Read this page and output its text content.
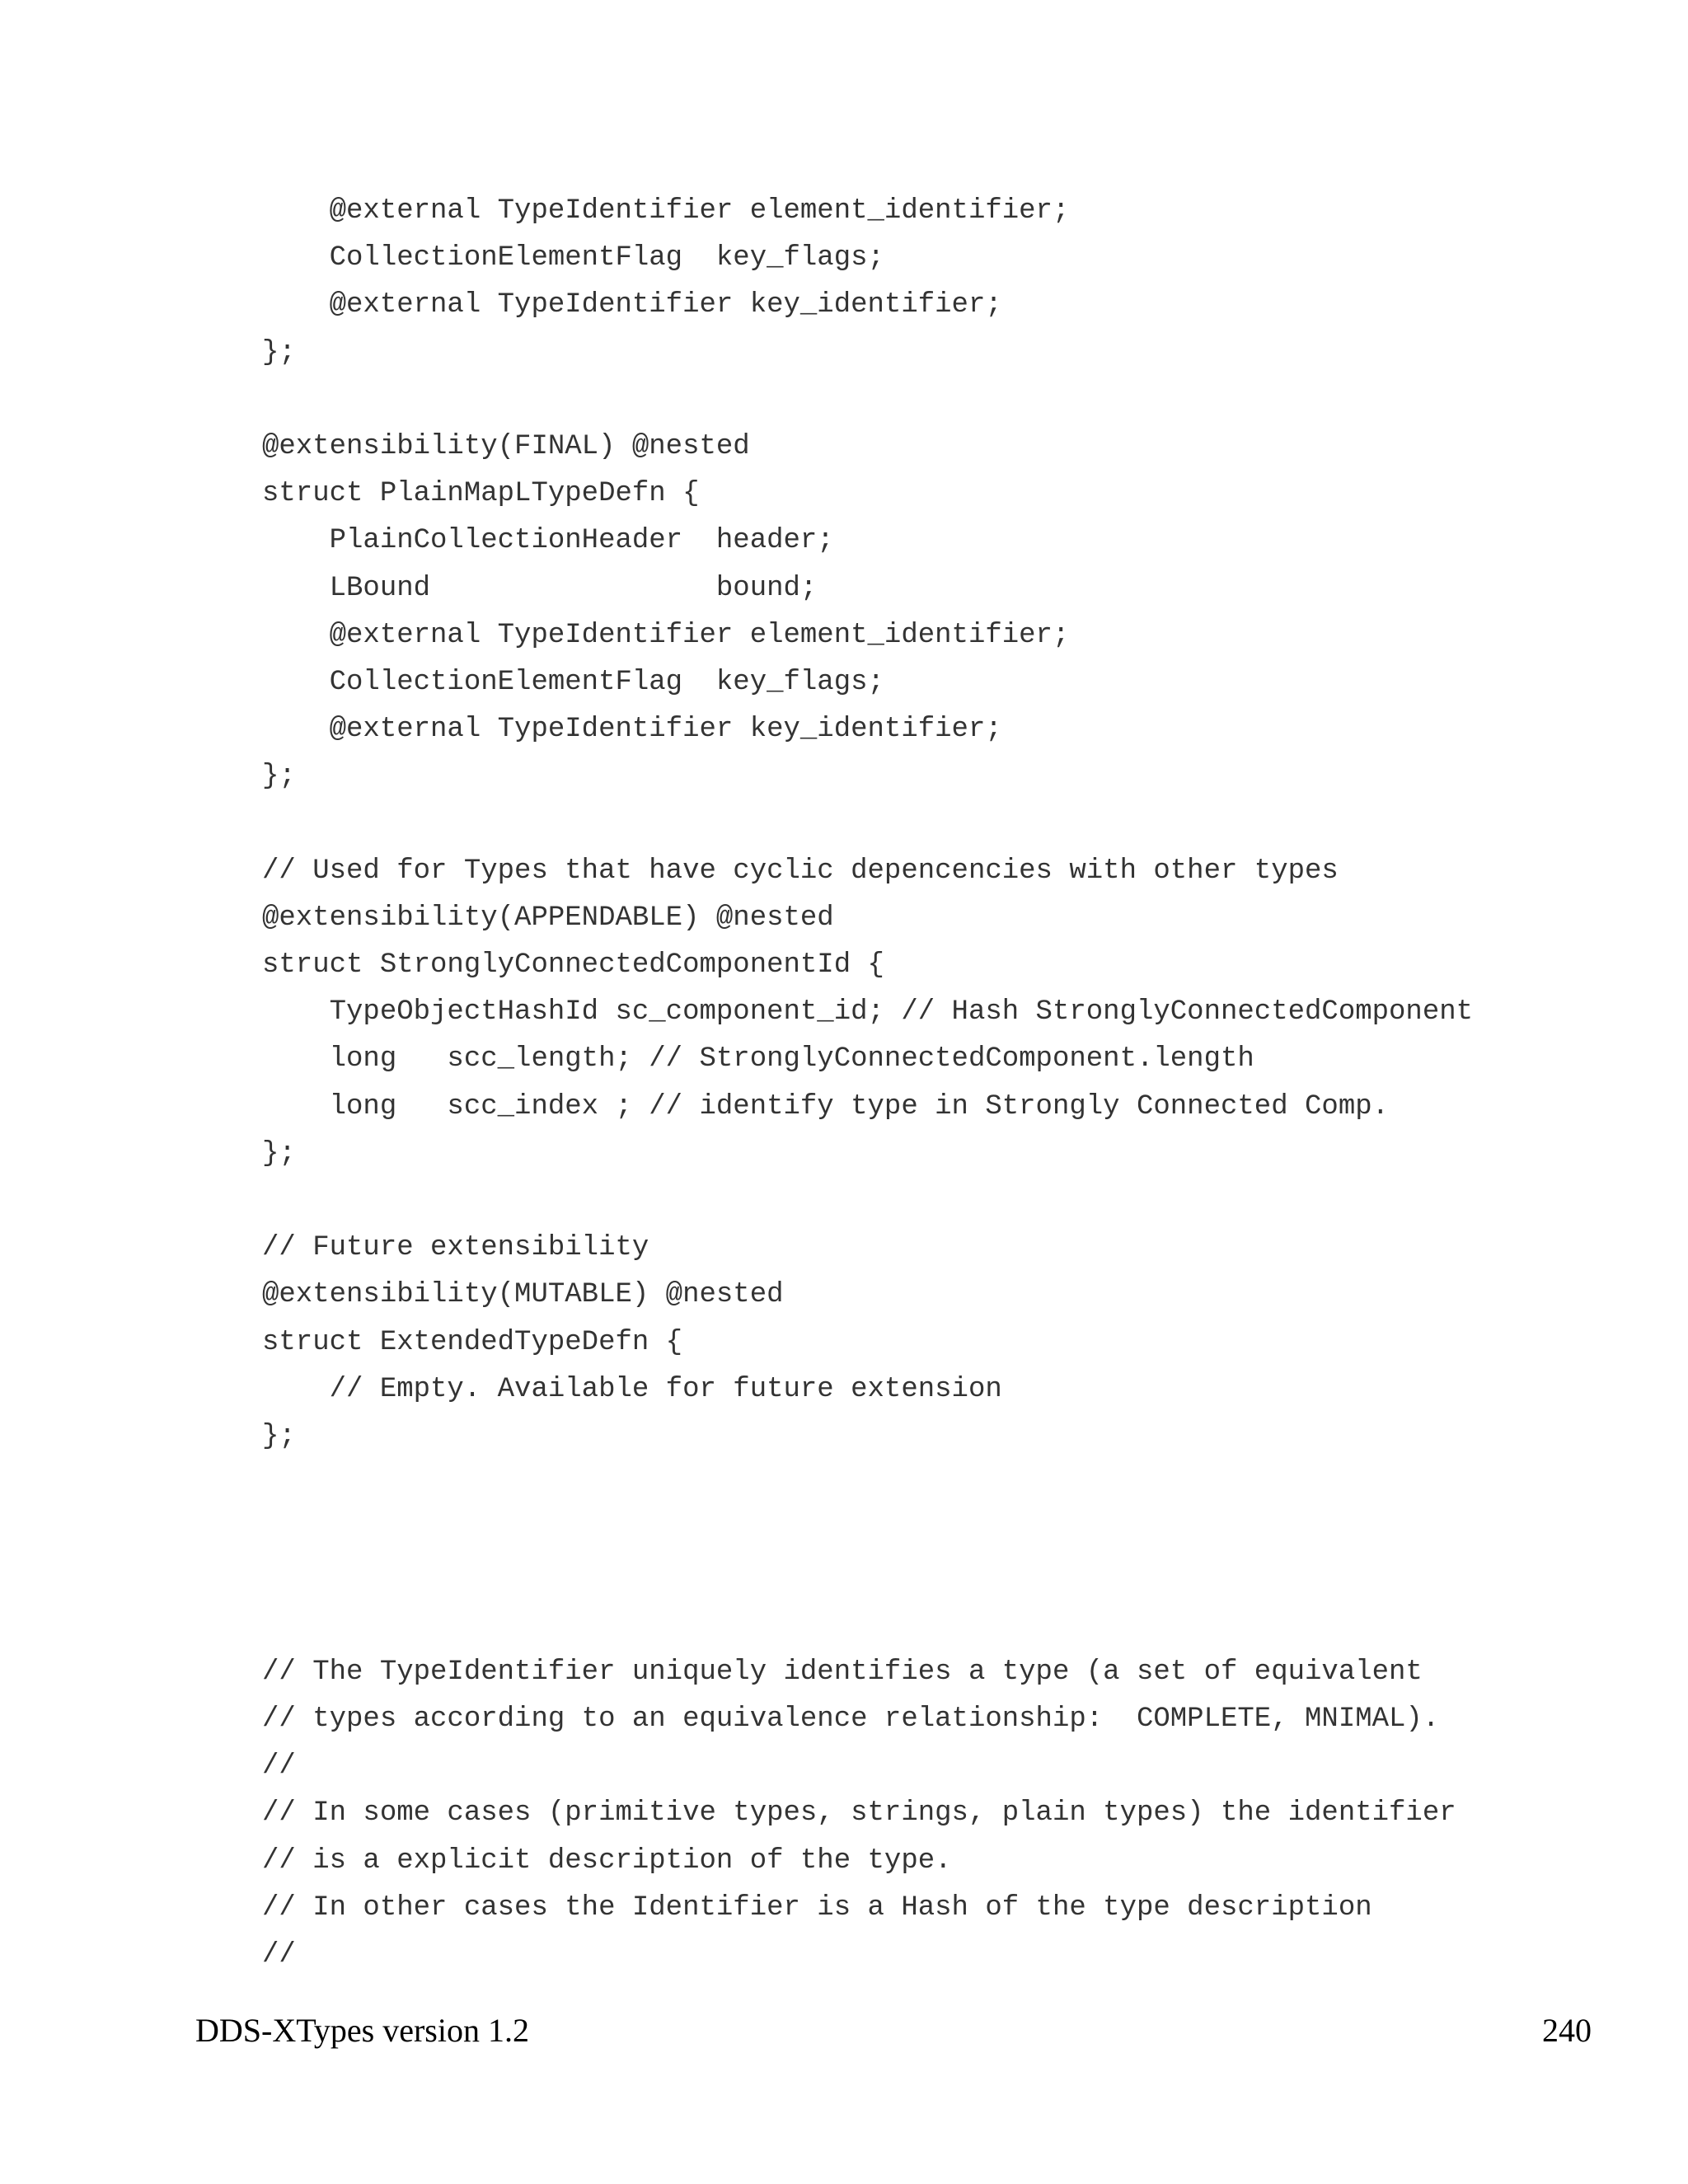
@external TypeIdentifier element_identifier;
CollectionElementFlag  key_flags;
@external TypeIdentifier key_identifier;
};
@extensibility(FINAL) @nested
struct PlainMapLTypeDefn {
PlainCollectionHeader  header;
LBound                 bound;
@external TypeIdentifier element_identifier;
CollectionElementFlag  key_flags;
@external TypeIdentifier key_identifier;
};
// Used for Types that have cyclic depencencies with other types
@extensibility(APPENDABLE) @nested
struct StronglyConnectedComponentId {
TypeObjectHashId sc_component_id; // Hash StronglyConnectedComponent
long   scc_length; // StronglyConnectedComponent.length
long   scc_index ; // identify type in Strongly Connected Comp.
};
// Future extensibility
@extensibility(MUTABLE) @nested
struct ExtendedTypeDefn {
// Empty. Available for future extension
};
// The TypeIdentifier uniquely identifies a type (a set of equivalent
// types according to an equivalence relationship:  COMPLETE, MNIMAL).
//
// In some cases (primitive types, strings, plain types) the identifier
// is a explicit description of the type.
// In other cases the Identifier is a Hash of the type description
//
DDS-XTypes version 1.2	240
